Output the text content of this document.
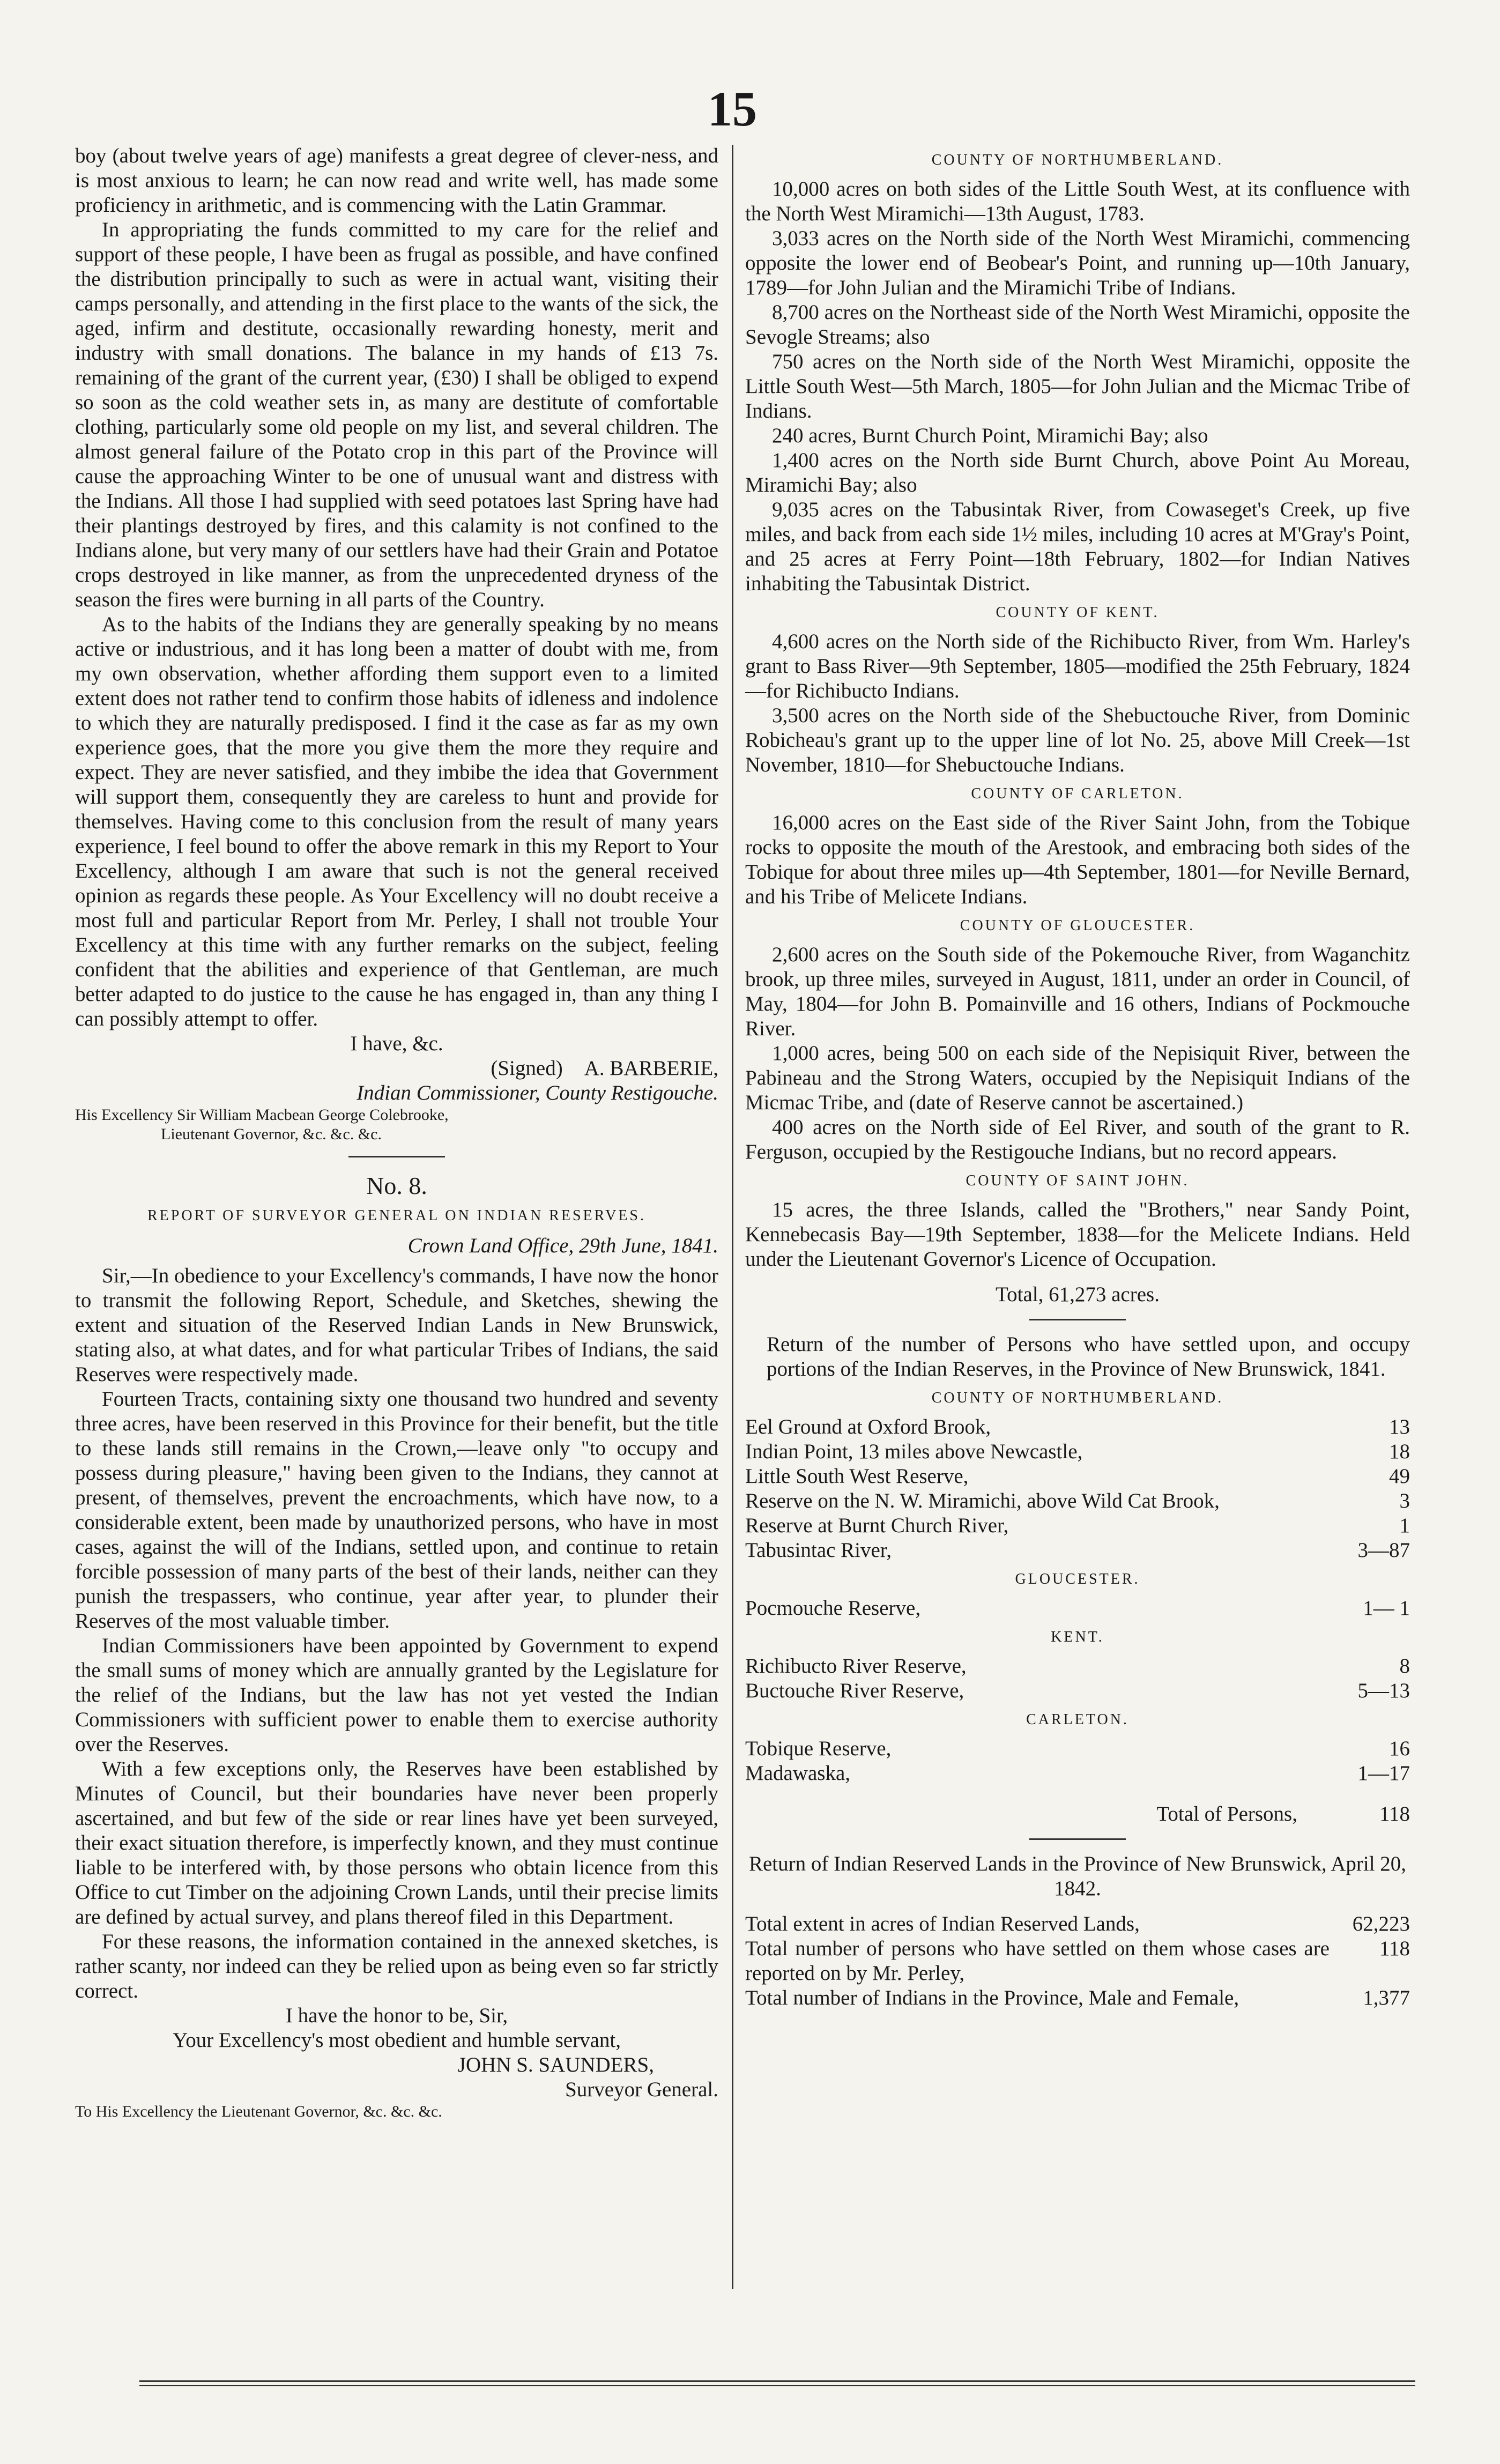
15

boy (about twelve years of age) manifests a great degree of clever-ness, and is most anxious to learn; he can now read and write well, has made some proficiency in arithmetic, and is commencing with the Latin Grammar.

In appropriating the funds committed to my care for the relief and support of these people, I have been as frugal as possible, and have confined the distribution principally to such as were in actual want, visiting their camps personally, and attending in the first place to the wants of the sick, the aged, infirm and destitute, occasionally rewarding honesty, merit and industry with small donations. The balance in my hands of £13 7s. remaining of the grant of the current year, (£30) I shall be obliged to expend so soon as the cold weather sets in, as many are destitute of comfortable clothing, particularly some old people on my list, and several children. The almost general failure of the Potato crop in this part of the Province will cause the approaching Winter to be one of unusual want and distress with the Indians. All those I had supplied with seed potatoes last Spring have had their plantings destroyed by fires, and this calamity is not confined to the Indians alone, but very many of our settlers have had their Grain and Potatoe crops destroyed in like manner, as from the unprecedented dryness of the season the fires were burning in all parts of the Country.

As to the habits of the Indians they are generally speaking by no means active or industrious, and it has long been a matter of doubt with me, from my own observation, whether affording them support even to a limited extent does not rather tend to confirm those habits of idleness and indolence to which they are naturally predisposed. I find it the case as far as my own experience goes, that the more you give them the more they require and expect. They are never satisfied, and they imbibe the idea that Government will support them, consequently they are careless to hunt and provide for themselves. Having come to this conclusion from the result of many years experience, I feel bound to offer the above remark in this my Report to Your Excellency, although I am aware that such is not the general received opinion as regards these people. As Your Excellency will no doubt receive a most full and particular Report from Mr. Perley, I shall not trouble Your Excellency at this time with any further remarks on the subject, feeling confident that the abilities and experience of that Gentleman, are much better adapted to do justice to the cause he has engaged in, than any thing I can possibly attempt to offer.

I have, &c.

(Signed) A. BARBERIE,

Indian Commissioner, County Restigouche.

His Excellency Sir William Macbean George Colebrooke,

Lieutenant Governor, &c. &c. &c.

No. 8.
REPORT OF SURVEYOR GENERAL ON INDIAN RESERVES.
Crown Land Office, 29th June, 1841.

Sir,—In obedience to your Excellency's commands, I have now the honor to transmit the following Report, Schedule, and Sketches, shewing the extent and situation of the Reserved Indian Lands in New Brunswick, stating also, at what dates, and for what particular Tribes of Indians, the said Reserves were respectively made.

Fourteen Tracts, containing sixty one thousand two hundred and seventy three acres, have been reserved in this Province for their benefit, but the title to these lands still remains in the Crown,—leave only "to occupy and possess during pleasure," having been given to the Indians, they cannot at present, of themselves, prevent the encroachments, which have now, to a considerable extent, been made by unauthorized persons, who have in most cases, against the will of the Indians, settled upon, and continue to retain forcible possession of many parts of the best of their lands, neither can they punish the trespassers, who continue, year after year, to plunder their Reserves of the most valuable timber.

Indian Commissioners have been appointed by Government to expend the small sums of money which are annually granted by the Legislature for the relief of the Indians, but the law has not yet vested the Indian Commissioners with sufficient power to enable them to exercise authority over the Reserves.

With a few exceptions only, the Reserves have been established by Minutes of Council, but their boundaries have never been properly ascertained, and but few of the side or rear lines have yet been surveyed, their exact situation therefore, is imperfectly known, and they must continue liable to be interfered with, by those persons who obtain licence from this Office to cut Timber on the adjoining Crown Lands, until their precise limits are defined by actual survey, and plans thereof filed in this Department.

For these reasons, the information contained in the annexed sketches, is rather scanty, nor indeed can they be relied upon as being even so far strictly correct.

I have the honor to be, Sir,

Your Excellency's most obedient and humble servant,

JOHN S. SAUNDERS,

Surveyor General.

To His Excellency the Lieutenant Governor, &c. &c. &c.

COUNTY OF NORTHUMBERLAND.

10,000 acres on both sides of the Little South West, at its confluence with the North West Miramichi—13th August, 1783.

3,033 acres on the North side of the North West Miramichi, commencing opposite the lower end of Beobear's Point, and running up—10th January, 1789—for John Julian and the Miramichi Tribe of Indians.

8,700 acres on the Northeast side of the North West Miramichi, opposite the Sevogle Streams; also

750 acres on the North side of the North West Miramichi, opposite the Little South West—5th March, 1805—for John Julian and the Micmac Tribe of Indians.

240 acres, Burnt Church Point, Miramichi Bay; also

1,400 acres on the North side Burnt Church, above Point Au Moreau, Miramichi Bay; also

9,035 acres on the Tabusintak River, from Cowaseget's Creek, up five miles, and back from each side 1½ miles, including 10 acres at M'Gray's Point, and 25 acres at Ferry Point—18th February, 1802—for Indian Natives inhabiting the Tabusintak District.

COUNTY OF KENT.

4,600 acres on the North side of the Richibucto River, from Wm. Harley's grant to Bass River—9th September, 1805—modified the 25th February, 1824—for Richibucto Indians.

3,500 acres on the North side of the Shebuctouche River, from Dominic Robicheau's grant up to the upper line of lot No. 25, above Mill Creek—1st November, 1810—for Shebuctouche Indians.

COUNTY OF CARLETON.

16,000 acres on the East side of the River Saint John, from the Tobique rocks to opposite the mouth of the Arestook, and embracing both sides of the Tobique for about three miles up—4th September, 1801—for Neville Bernard, and his Tribe of Melicete Indians.

COUNTY OF GLOUCESTER.

2,600 acres on the South side of the Pokemouche River, from Waganchitz brook, up three miles, surveyed in August, 1811, under an order in Council, of May, 1804—for John B. Pomainville and 16 others, Indians of Pockmouche River.

1,000 acres, being 500 on each side of the Nepisiquit River, between the Pabineau and the Strong Waters, occupied by the Nepisiquit Indians of the Micmac Tribe, and (date of Reserve cannot be ascertained.)

400 acres on the North side of Eel River, and south of the grant to R. Ferguson, occupied by the Restigouche Indians, but no record appears.

COUNTY OF SAINT JOHN.

15 acres, the three Islands, called the "Brothers," near Sandy Point, Kennebecasis Bay—19th September, 1838—for the Melicete Indians. Held under the Lieutenant Governor's Licence of Occupation.

Total, 61,273 acres.

Return of the number of Persons who have settled upon, and occupy portions of the Indian Reserves, in the Province of New Brunswick, 1841.

COUNTY OF NORTHUMBERLAND.
Eel Ground at Oxford Brook,	13
Indian Point, 13 miles above Newcastle,	18
Little South West Reserve,	49
Reserve on the N. W. Miramichi, above Wild Cat Brook,	3
Reserve at Burnt Church River,	1
Tabusintac River,	3—87
GLOUCESTER.
Pocmouche Reserve,	1— 1
KENT.
Richibucto River Reserve,	8
Buctouche River Reserve,	5—13
CARLETON.
Tobique Reserve,	16
Madawaska,	1—17
Total of Persons,	118

Return of Indian Reserved Lands in the Province of New Brunswick, April 20, 1842.

Total extent in acres of Indian Reserved Lands,	62,223
Total number of persons who have settled on them whose cases are reported on by Mr. Perley,
118
Total number of Indians in the Province, Male and Female,	1,377
